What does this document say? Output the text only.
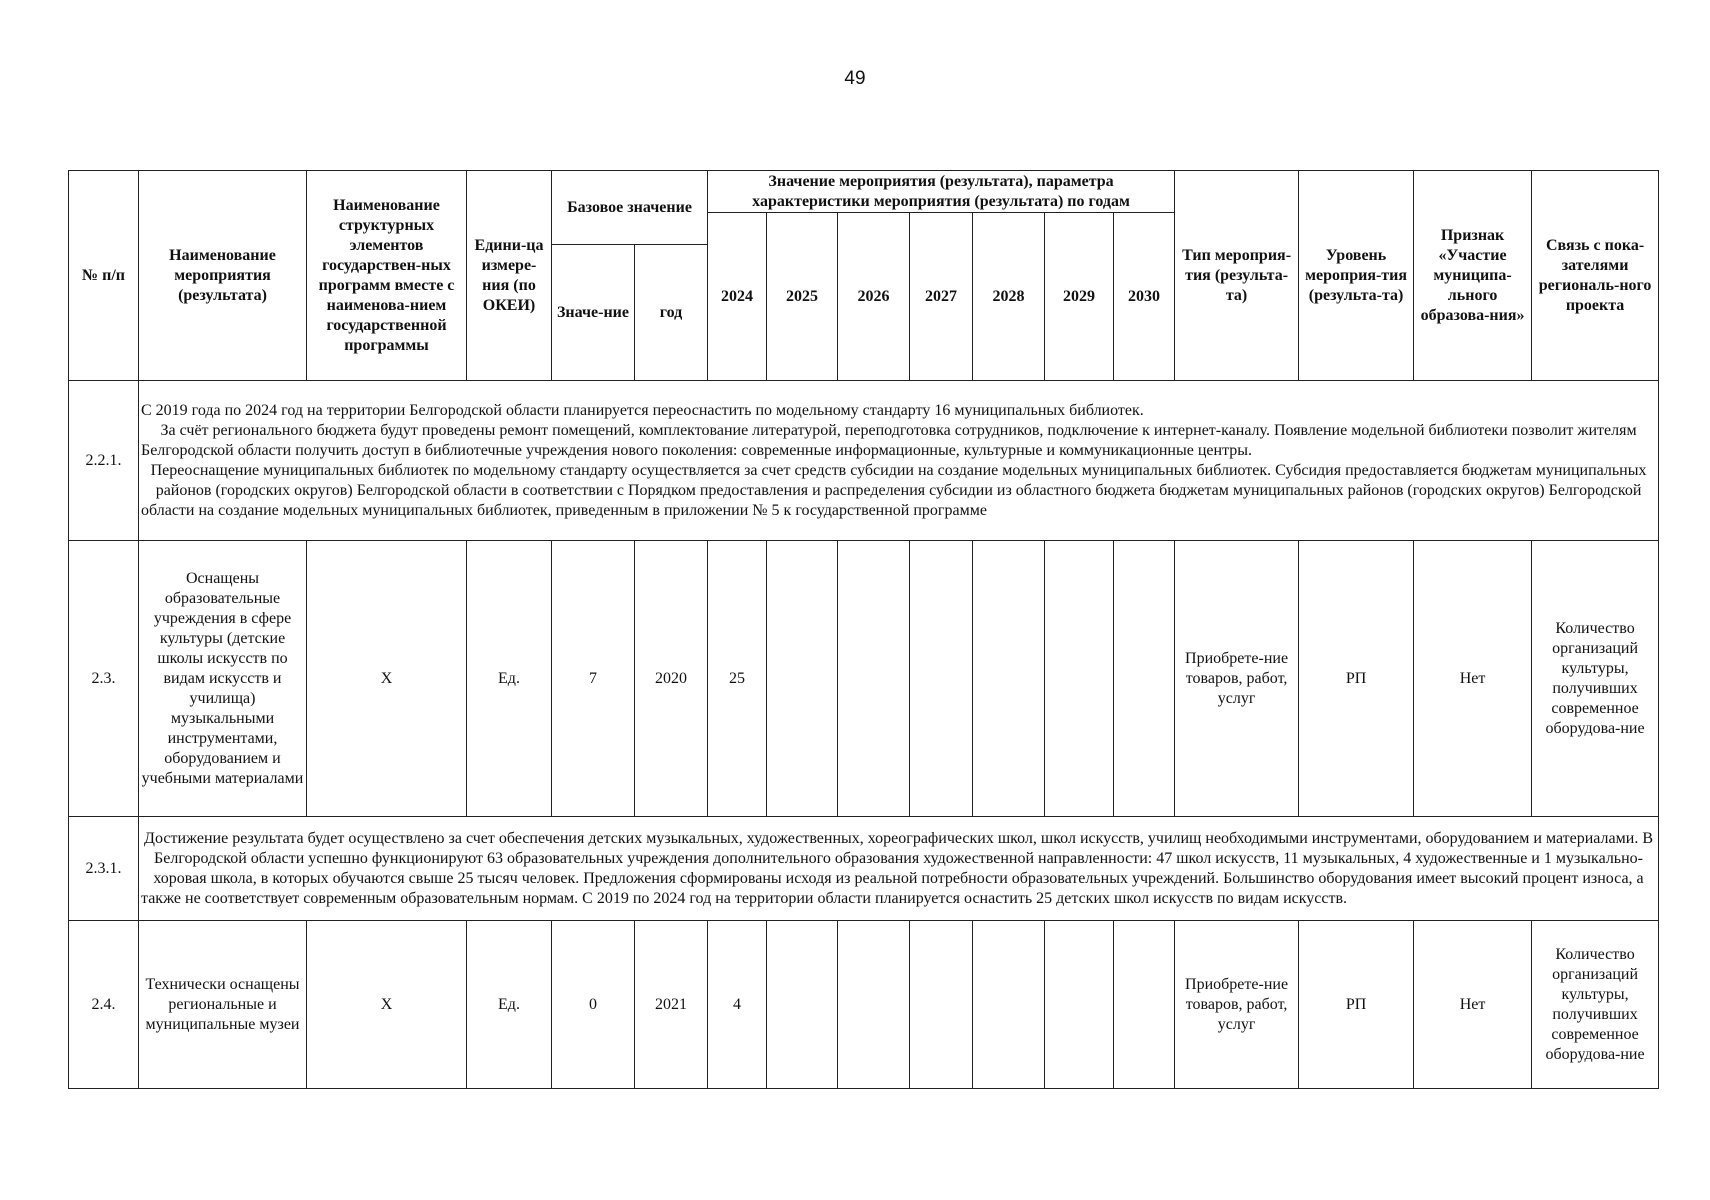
49
№ п/п	Наименование мероприятия (результата)	Наименование структурных элементов государствен-ных программ вместе с наименова-нием государственной программы	Едини-ца измере-ния (по ОКЕИ)	Базовое значение		Значение мероприятия (результата), параметра характеристики мероприятия (результата) по годам							Тип мероприя-тия (результа-та)	Уровень мероприя-тия (результа-та)	Признак «Участие муниципа-льного образова-ния»	Связь с пока-зателями региональ-ного проекта
						2024	2025	2026	2027	2028	2029	2030				
				Значе-ние	год											
2.2.1.	С 2019 года по 2024 год на территории Белгородской области планируется переоснастить по модельному стандарту 16 муниципальных библиотек.

За счёт регионального бюджета будут проведены ремонт помещений, комплектование литературой, переподготовка сотрудников, подключение к интернет-каналу. Появление модельной библиотеки позволит жителям Белгородской области получить доступ в библиотечные учреждения нового поколения: современные информационные, культурные и коммуникационные центры.

Переоснащение муниципальных библиотек по модельному стандарту осуществляется за счет средств субсидии на создание модельных муниципальных библиотек. Субсидия предоставляется бюджетам муниципальных районов (городских округов) Белгородской области в соответствии с Порядком предоставления и распределения субсидии из областного бюджета бюджетам муниципальных районов (городских округов) Белгородской области на создание модельных муниципальных библиотек, приведенным в приложении № 5 к государственной программе															

2.3.	Оснащены образовательные учреждения в сфере культуры (детские школы искусств по видам искусств и училища) музыкальными инструментами, оборудованием и учебными материалами	X	Ед.	7	2020	25							Приобрете-ние товаров, работ, услуг	РП	Нет	Количество организаций культуры, получивших современное оборудова-ние
2.3.1.	Достижение результата будет осуществлено за счет обеспечения детских музыкальных, художественных, хореографических школ, школ искусств, училищ необходимыми инструментами, оборудованием и материалами. В Белгородской области успешно функционируют 63 образовательных учреждения дополнительного образования художественной направленности: 47 школ искусств, 11 музыкальных, 4 художественные и 1 музыкально-хоровая школа, в которых обучаются свыше 25 тысяч человек. Предложения сформированы исходя из реальной потребности образовательных учреждений. Большинство оборудования имеет высокий процент износа, а также не соответствует современным образовательным нормам. С 2019 по 2024 год на территории области планируется оснастить 25 детских школ искусств по видам искусств.															
2.4.	Технически оснащены региональные и муниципальные музеи	X	Ед.	0	2021	4							Приобрете-ние товаров, работ, услуг	РП	Нет	Количество организаций культуры, получивших современное оборудова-ние
